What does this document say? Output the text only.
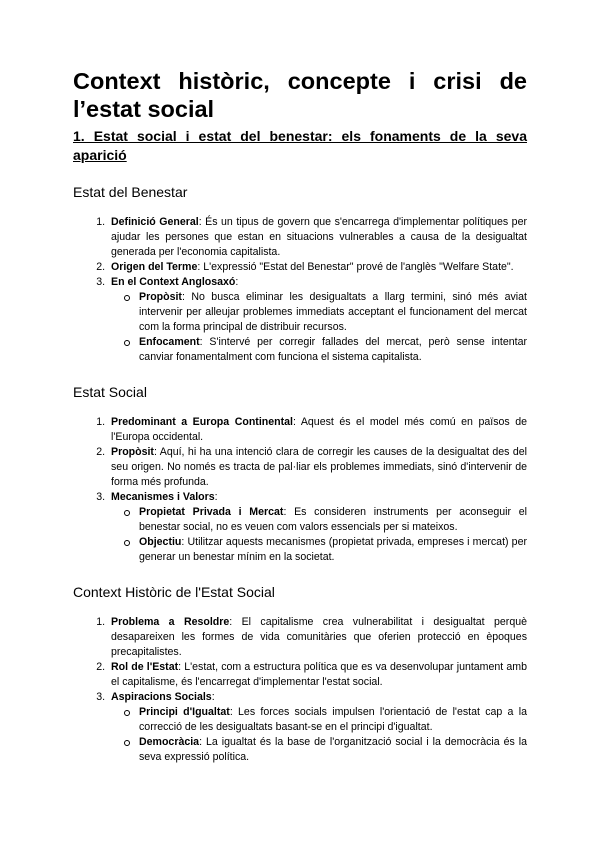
Context històric, concepte i crisi de l’estat social
1. Estat social i estat del benestar: els fonaments de la seva aparició
Estat del Benestar
1. Definició General: És un tipus de govern que s'encarrega d'implementar polítiques per ajudar les persones que estan en situacions vulnerables a causa de la desigualtat generada per l'economia capitalista.
2. Origen del Terme: L'expressió "Estat del Benestar" prové de l'anglès "Welfare State".
3. En el Context Anglosaxó:
Propòsit: No busca eliminar les desigualtats a llarg termini, sinó més aviat intervenir per alleujar problemes immediats acceptant el funcionament del mercat com la forma principal de distribuir recursos.
Enfocament: S'intervé per corregir fallades del mercat, però sense intentar canviar fonamentalment com funciona el sistema capitalista.
Estat Social
1. Predominant a Europa Continental: Aquest és el model més comú en països de l'Europa occidental.
2. Propòsit: Aquí, hi ha una intenció clara de corregir les causes de la desigualtat des del seu origen. No només es tracta de pal·liar els problemes immediats, sinó d'intervenir de forma més profunda.
3. Mecanismes i Valors:
Propietat Privada i Mercat: Es consideren instruments per aconseguir el benestar social, no es veuen com valors essencials per si mateixos.
Objectiu: Utilitzar aquests mecanismes (propietat privada, empreses i mercat) per generar un benestar mínim en la societat.
Context Històric de l'Estat Social
1. Problema a Resoldre: El capitalisme crea vulnerabilitat i desigualtat perquè desapareixen les formes de vida comunitàries que oferien protecció en èpoques precapitalistes.
2. Rol de l'Estat: L'estat, com a estructura política que es va desenvolupar juntament amb el capitalisme, és l'encarregat d'implementar l'estat social.
3. Aspiracions Socials:
Principi d'Igualtat: Les forces socials impulsen l'orientació de l'estat cap a la correcció de les desigualtats basant-se en el principi d'igualtat.
Democràcia: La igualtat és la base de l'organització social i la democràcia és la seva expressió política.
